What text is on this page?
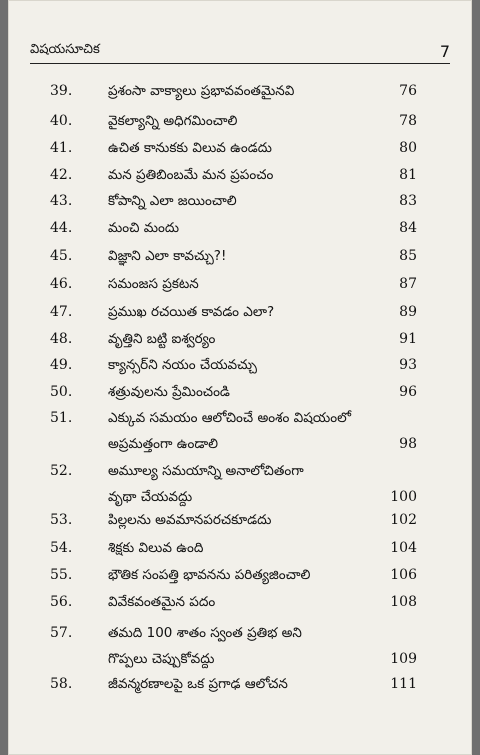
విషయసూచిక	7
39.	ప్రశంసా వాక్యాలు ప్రభావవంతమైనవి	76
40.	వైకల్యాన్ని అధిగమించాలి	78
41.	ఉచిత కానుకకు విలువ ఉండదు	80
42.	మన ప్రతిబింబమే మన ప్రపంచం	81
43.	కోపాన్ని ఎలా జయించాలి	83
44.	మంచి మందు	84
45.	విజ్ఞాని ఎలా కావచ్చు?!	85
46.	సమంజస ప్రకటన	87
47.	ప్రముఖ రచయిత కావడం ఎలా?	89
48.	వృత్తిని బట్టి ఐశ్వర్యం	91
49.	క్యాన్సర్‌ని నయం చేయవచ్చు	93
50.	శత్రువులను ప్రేమించండి	96
51.	ఎక్కువ సమయం ఆలోచించే అంశం విషయంలో
అప్రమత్తంగా ఉండాలి	98
52.	అమూల్య సమయాన్ని అనాలోచితంగా
వృథా చేయవద్దు	100
53.	పిల్లలను అవమానపరచకూడదు	102
54.	శిక్షకు విలువ ఉంది	104
55.	భౌతిక సంపత్తి భావనను పరిత్యజించాలి	106
56.	వివేకవంతమైన పదం	108
57.	తమది 100 శాతం స్వంత ప్రతిభ అని
గొప్పలు చెప్పుకోవద్దు	109
58.	జీవన్మరణాలపై ఒక ప్రగాఢ ఆలోచన	111
